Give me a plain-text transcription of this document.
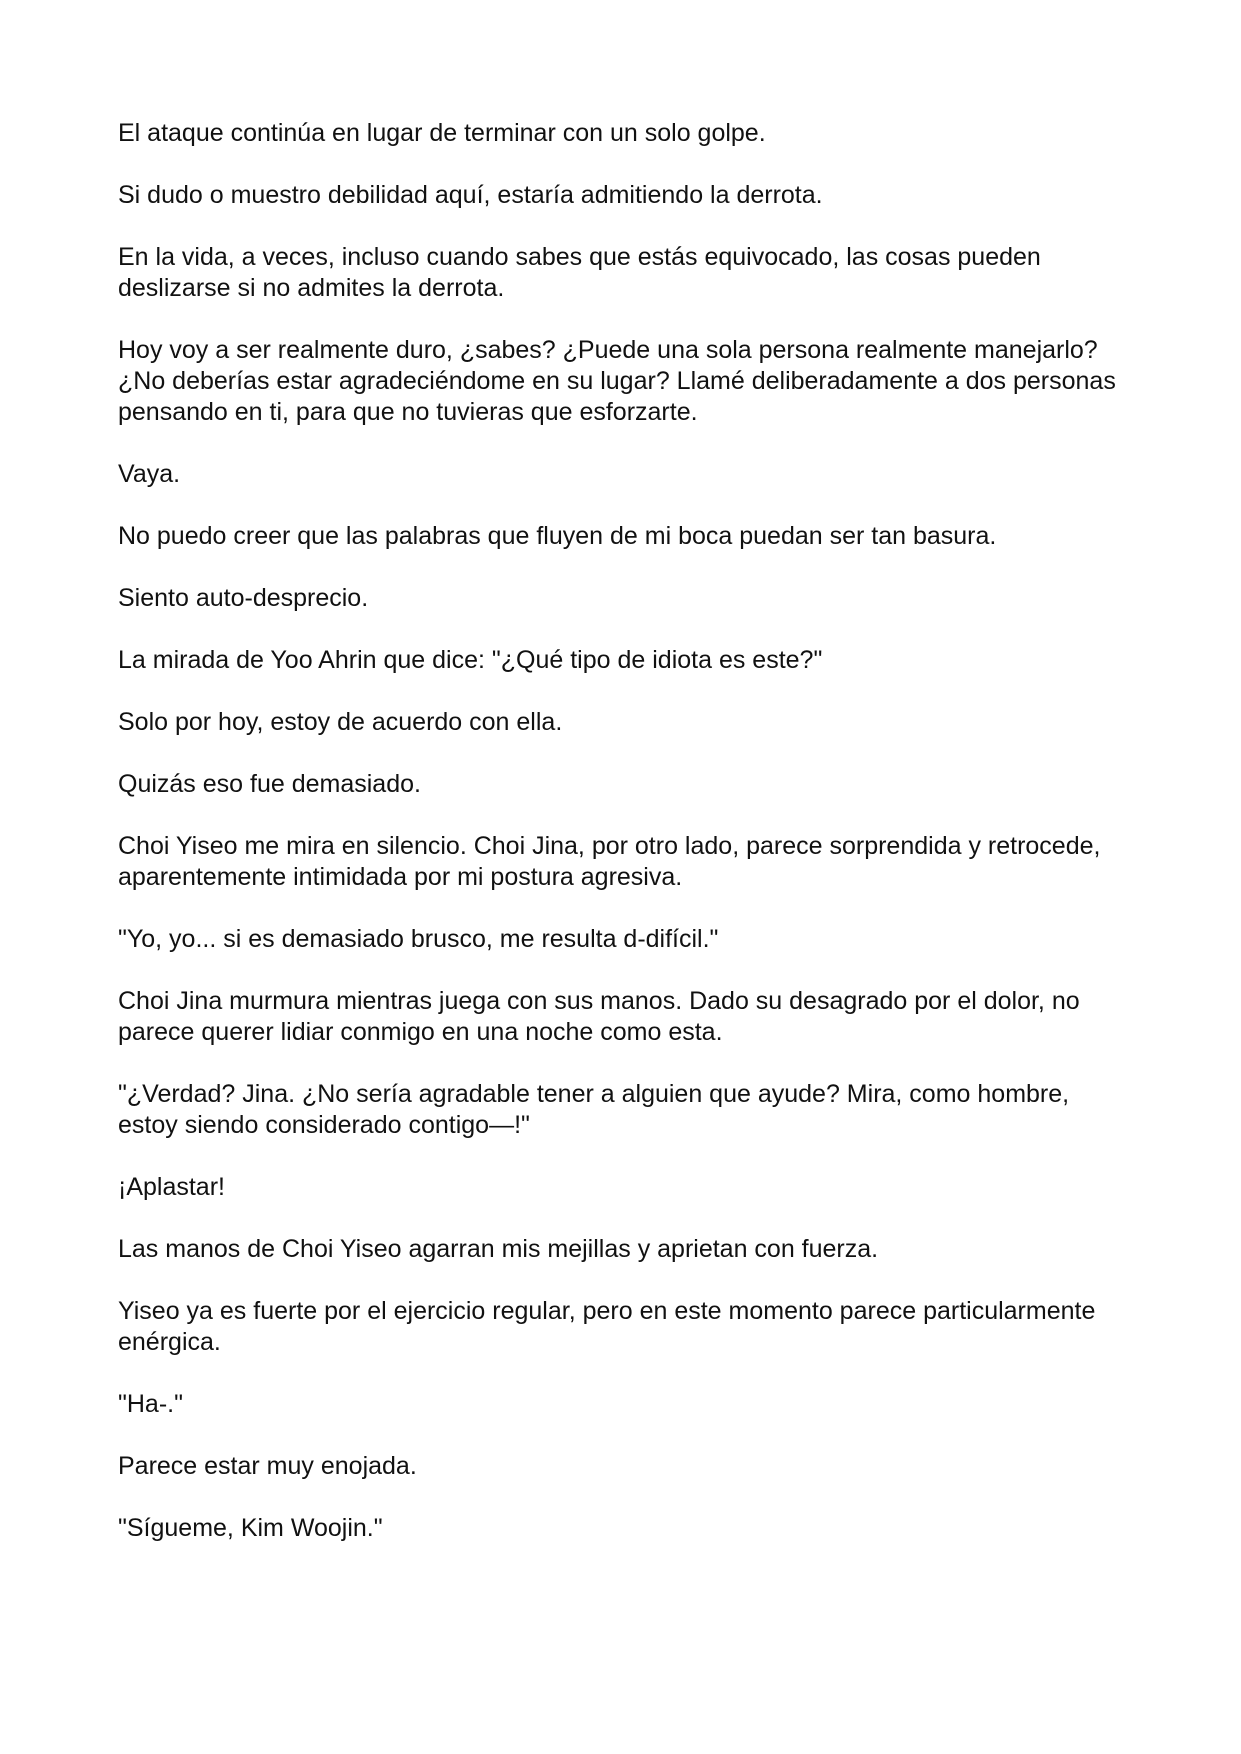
El ataque continúa en lugar de terminar con un solo golpe.

Si dudo o muestro debilidad aquí, estaría admitiendo la derrota.

En la vida, a veces, incluso cuando sabes que estás equivocado, las cosas pueden deslizarse si no admites la derrota.

Hoy voy a ser realmente duro, ¿sabes? ¿Puede una sola persona realmente manejarlo? ¿No deberías estar agradeciéndome en su lugar? Llamé deliberadamente a dos personas pensando en ti, para que no tuvieras que esforzarte.

Vaya.

No puedo creer que las palabras que fluyen de mi boca puedan ser tan basura.

Siento auto-desprecio.

La mirada de Yoo Ahrin que dice: "¿Qué tipo de idiota es este?"

Solo por hoy, estoy de acuerdo con ella.

Quizás eso fue demasiado.

Choi Yiseo me mira en silencio. Choi Jina, por otro lado, parece sorprendida y retrocede, aparentemente intimidada por mi postura agresiva.

"Yo, yo... si es demasiado brusco, me resulta d-difícil."

Choi Jina murmura mientras juega con sus manos. Dado su desagrado por el dolor, no parece querer lidiar conmigo en una noche como esta.

"¿Verdad? Jina. ¿No sería agradable tener a alguien que ayude? Mira, como hombre, estoy siendo considerado contigo—!"

¡Aplastar!

Las manos de Choi Yiseo agarran mis mejillas y aprietan con fuerza.

Yiseo ya es fuerte por el ejercicio regular, pero en este momento parece particularmente enérgica.

"Ha-."

Parece estar muy enojada.

"Sígueme, Kim Woojin."
